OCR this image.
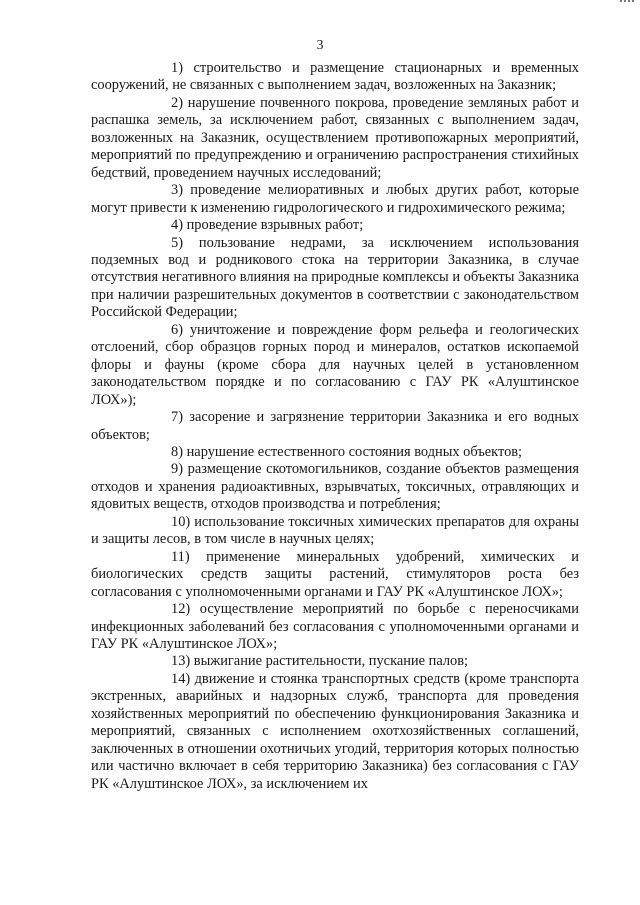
3

1) строительство и размещение стационарных и временных сооружений, не связанных с выполнением задач, возложенных на Заказник;

2) нарушение почвенного покрова, проведение земляных работ и распашка земель, за исключением работ, связанных с выполнением задач, возложенных на Заказник, осуществлением противопожарных мероприятий, мероприятий по предупреждению и ограничению распространения стихийных бедствий, проведением научных исследований;

3) проведение мелиоративных и любых других работ, которые могут привести к изменению гидрологического и гидрохимического режима;

4) проведение взрывных работ;

5) пользование недрами, за исключением использования подземных вод и родникового стока на территории Заказника, в случае отсутствия негативного влияния на природные комплексы и объекты Заказника при наличии разрешительных документов в соответствии с законодательством Российской Федерации;

6) уничтожение и повреждение форм рельефа и геологических отслоений, сбор образцов горных пород и минералов, остатков ископаемой флоры и фауны (кроме сбора для научных целей в установленном законодательством порядке и по согласованию с ГАУ РК «Алуштинское ЛОХ»);

7) засорение и загрязнение территории Заказника и его водных объектов;

8) нарушение естественного состояния водных объектов;

9) размещение скотомогильников, создание объектов размещения отходов и хранения радиоактивных, взрывчатых, токсичных, отравляющих и ядовитых веществ, отходов производства и потребления;

10) использование токсичных химических препаратов для охраны и защиты лесов, в том числе в научных целях;

11) применение минеральных удобрений, химических и биологических средств защиты растений, стимуляторов роста без согласования с уполномоченными органами и ГАУ РК «Алуштинское ЛОХ»;

12) осуществление мероприятий по борьбе с переносчиками инфекционных заболеваний без согласования с уполномоченными органами и ГАУ РК «Алуштинское ЛОХ»;

13) выжигание растительности, пускание палов;

14) движение и стоянка транспортных средств (кроме транспорта экстренных, аварийных и надзорных служб, транспорта для проведения хозяйственных мероприятий по обеспечению функционирования Заказника и мероприятий, связанных с исполнением охотхозяйственных соглашений, заключенных в отношении охотничьих угодий, территория которых полностью или частично включает в себя территорию Заказника) без согласования с ГАУ РК «Алуштинское ЛОХ», за исключением их
